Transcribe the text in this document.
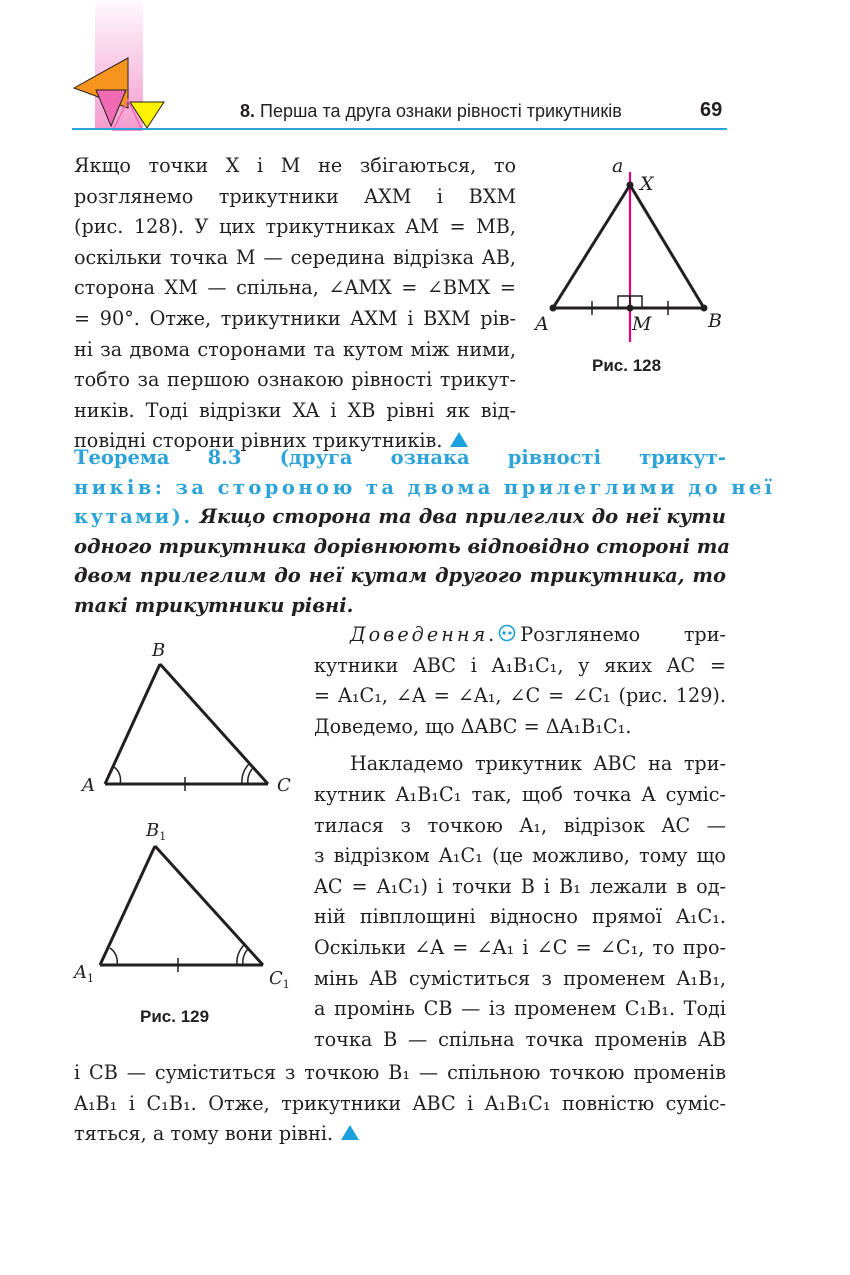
8. Перша та друга ознаки рівності трикутників	69
Якщо точки X і M не збігаються, то
розглянемо трикутники AXM і BXM
(рис. 128). У цих трикутниках AM = MB,
оскільки точка M — середина відрізка AB,
сторона XM — спільна, ∠AMX = ∠BMX =
= 90°. Отже, трикутники AXM і BXM рів-
ні за двома сторонами та кутом між ними,
тобто за першою ознакою рівності трикут-
ників. Тоді відрізки XA і XB рівні як від-
повідні сторони рівних трикутників.
a
X
A	M	B
Рис. 128
Теорема 8.3 (друга ознака рівності трикут-
ників: за стороною та двома прилеглими до неї
кутами). Якщо сторона та два прилеглих до неї кути
одного трикутника дорівнюють відповідно стороні та
двом прилеглим до неї кутам другого трикутника, то
такі трикутники рівні.
B
A	C
$B_1$
$A_1$	$C_1$
Рис. 129
Доведення. Розглянемо три-
кутники ABC і A₁B₁C₁, у яких AC =
= A₁C₁, ∠A = ∠A₁, ∠C = ∠C₁ (рис. 129).
Доведемо, що ΔABC = ΔA₁B₁C₁.
Накладемо трикутник ABC на три-
кутник A₁B₁C₁ так, щоб точка A суміс-
тилася з точкою A₁, відрізок AC —
з відрізком A₁C₁ (це можливо, тому що
AC = A₁C₁) і точки B і B₁ лежали в од-
ній півплощині відносно прямої A₁C₁.
Оскільки ∠A = ∠A₁ і ∠C = ∠C₁, то про-
мінь AB суміститься з променем A₁B₁,
а промінь CB — із променем C₁B₁. Тоді
точка B — спільна точка променів AB
і CB — суміститься з точкою B₁ — спільною точкою променів
A₁B₁ і C₁B₁. Отже, трикутники ABC і A₁B₁C₁ повністю суміс-
тяться, а тому вони рівні.
